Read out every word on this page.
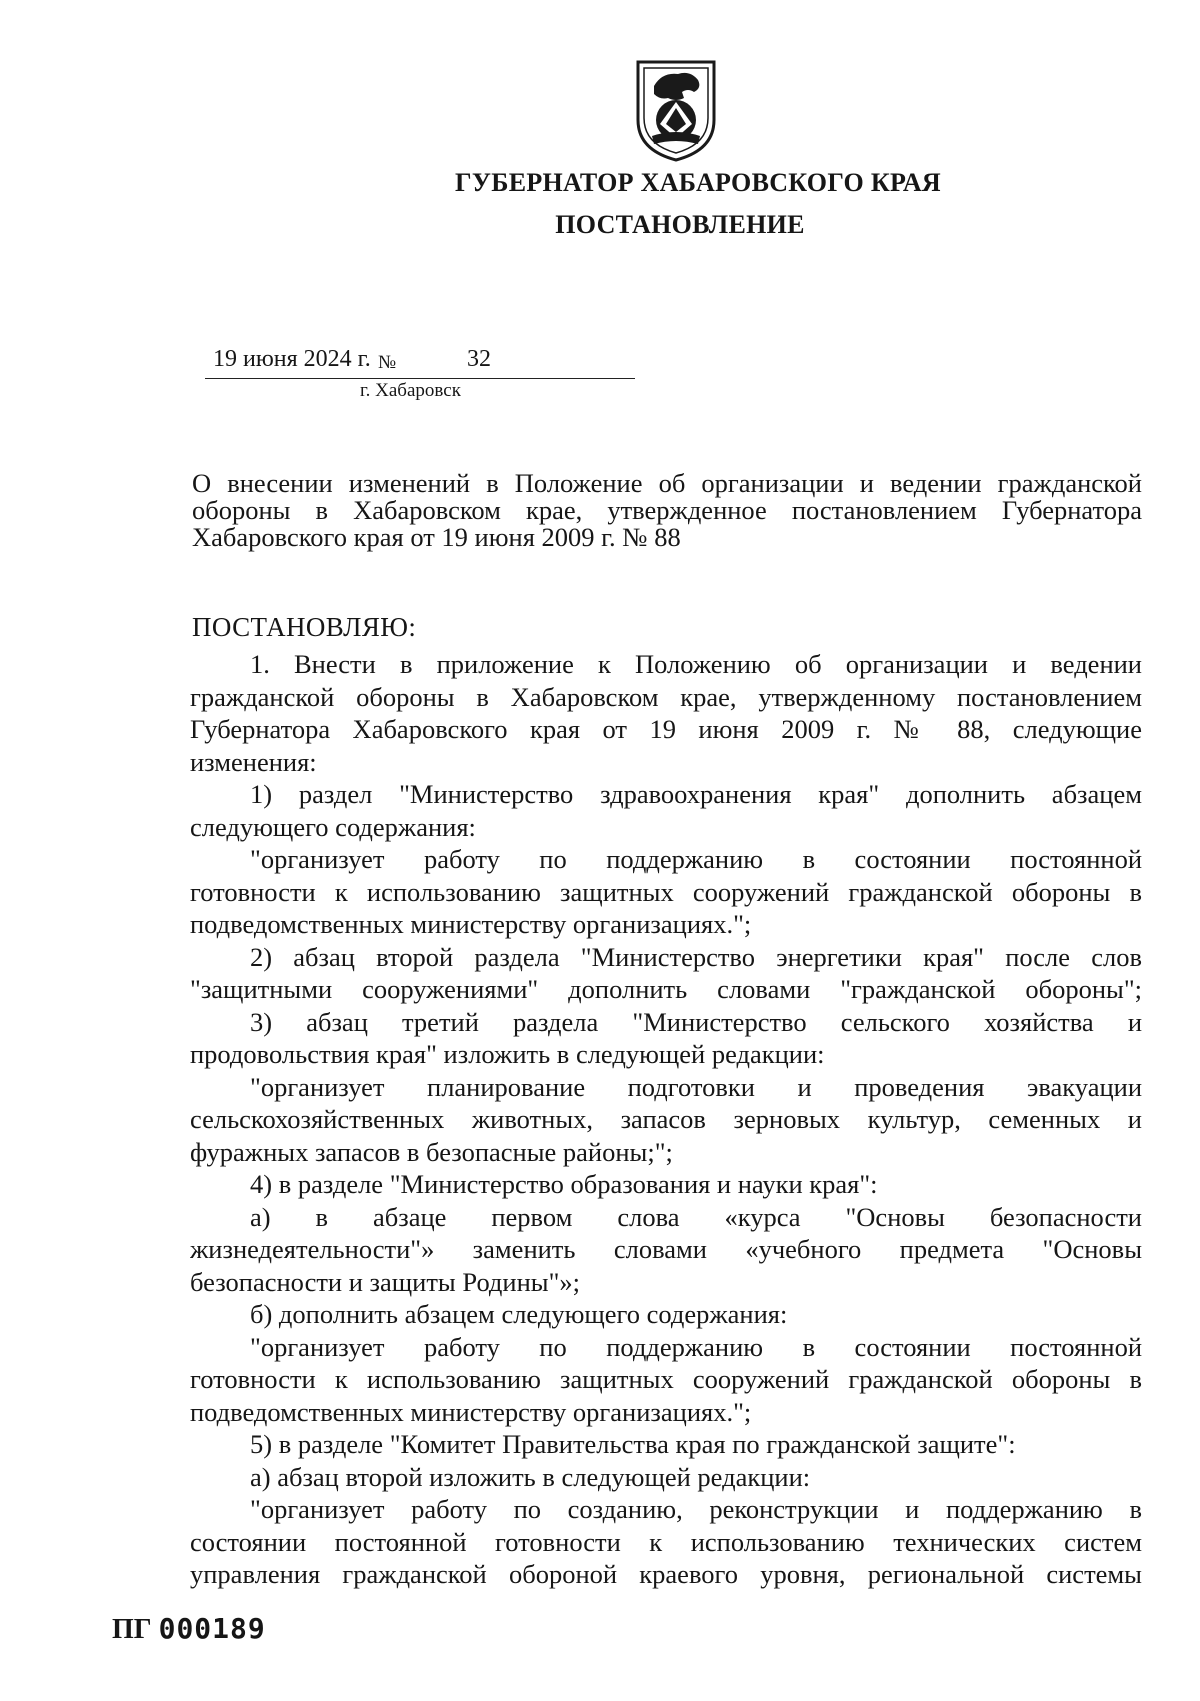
ГУБЕРНАТОР ХАБАРОВСКОГО КРАЯ
ПОСТАНОВЛЕНИЕ
19 июня 2024 г. №	32
г. Хабаровск
О внесении изменений в Положение об организации и ведении гражданской
обороны в Хабаровском крае, утвержденное постановлением Губернатора
Хабаровского края от 19 июня 2009 г. № 88
ПОСТАНОВЛЯЮ:
1. Внести в приложение к Положению об организации и ведении
гражданской обороны в Хабаровском крае, утвержденному постановлением
Губернатора Хабаровского края от 19 июня 2009 г. № 88, следующие
изменения:
1) раздел "Министерство здравоохранения края" дополнить абзацем
следующего содержания:
"организует работу по поддержанию в состоянии постоянной
готовности к использованию защитных сооружений гражданской обороны в
подведомственных министерству организациях.";
2) абзац второй раздела "Министерство энергетики края" после слов
"защитными сооружениями" дополнить словами "гражданской обороны";
3) абзац третий раздела "Министерство сельского хозяйства и
продовольствия края" изложить в следующей редакции:
"организует планирование подготовки и проведения эвакуации
сельскохозяйственных животных, запасов зерновых культур, семенных и
фуражных запасов в безопасные районы;";
4) в разделе "Министерство образования и науки края":
а) в абзаце первом слова «курса "Основы безопасности
жизнедеятельности"» заменить словами «учебного предмета "Основы
безопасности и защиты Родины"»;
б) дополнить абзацем следующего содержания:
"организует работу по поддержанию в состоянии постоянной
готовности к использованию защитных сооружений гражданской обороны в
подведомственных министерству организациях.";
5) в разделе "Комитет Правительства края по гражданской защите":
а) абзац второй изложить в следующей редакции:
"организует работу по созданию, реконструкции и поддержанию в
состоянии постоянной готовности к использованию технических систем
управления гражданской обороной краевого уровня, региональной системы
ПГ 000189
